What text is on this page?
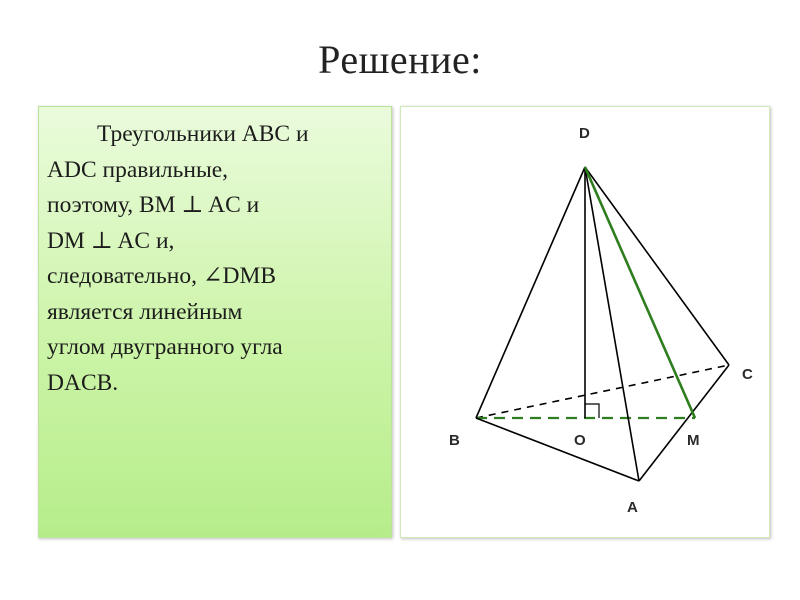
Решение:
Треугольники ABC и
ADC правильные,
поэтому, BM ⊥ AC и
DM ⊥ AC и,
следовательно, ∠DMB
является линейным
углом двугранного угла
DACB.
D
B	O	M
C
A
